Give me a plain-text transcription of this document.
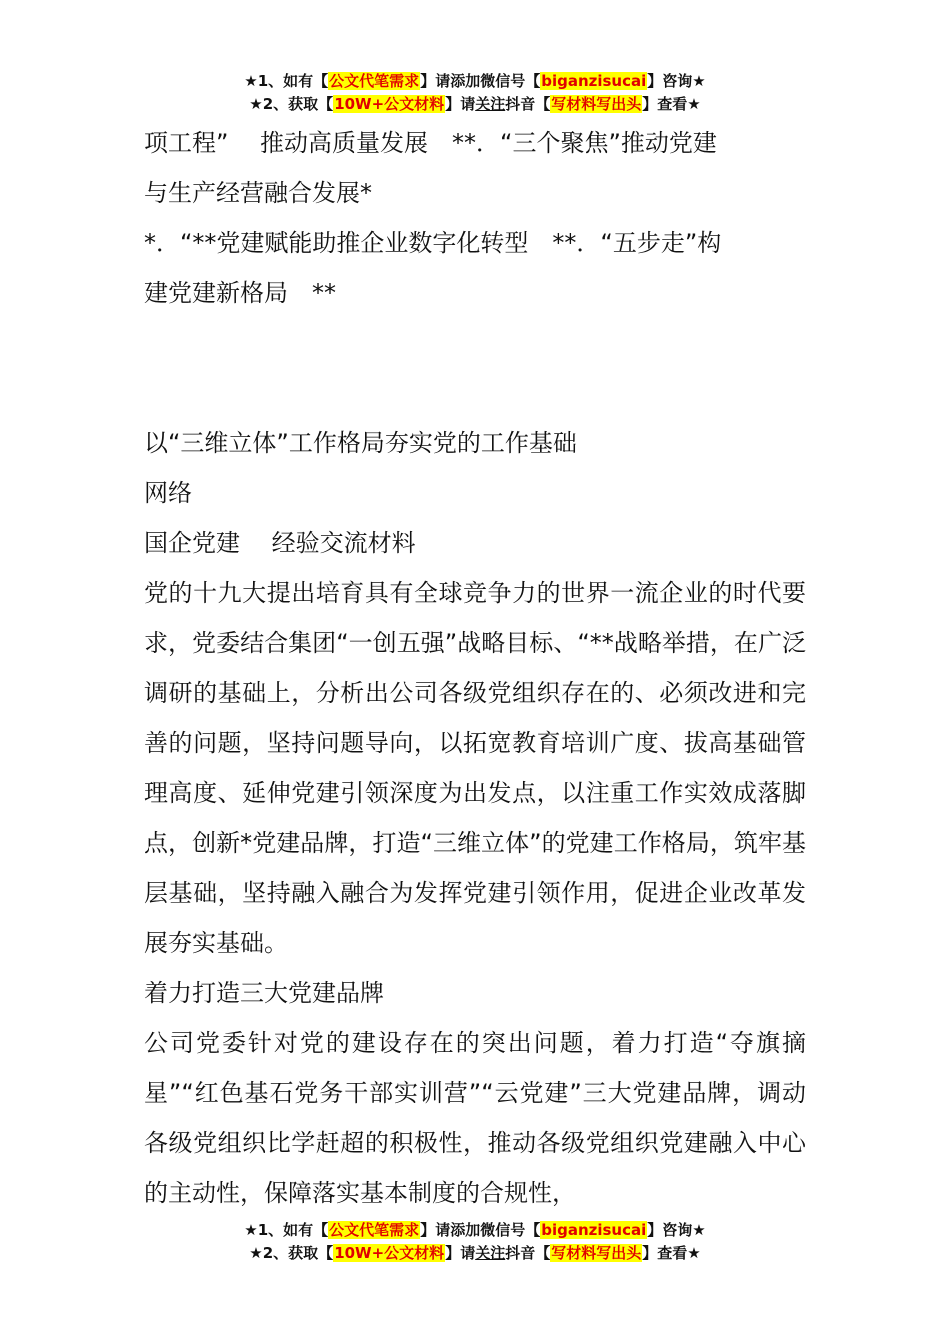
★1、如有【公文代笔需求】请添加微信号【biganzisucai】咨询★
★2、获取【10W+公文材料】请关注抖音【写材料写出头】查看★

项工程”　 推动高质量发展　**．“三个聚焦”推动党建

与生产经营融合发展*

*．“**党建赋能助推企业数字化转型　**．“五步走”构

建党建新格局　**

以“三维立体”工作格局夯实党的工作基础

网络

国企党建　 经验交流材料

党的十九大提出培育具有全球竞争力的世界一流企业的时代要求，党委结合集团“一创五强”战略目标、“**战略举措，在广泛调研的基础上，分析出公司各级党组织存在的、必须改进和完善的问题，坚持问题导向，以拓宽教育培训广度、拔高基础管理高度、延伸党建引领深度为出发点，以注重工作实效成落脚点，创新*党建品牌，打造“三维立体”的党建工作格局，筑牢基层基础，坚持融入融合为发挥党建引领作用，促进企业改革发展夯实基础。

着力打造三大党建品牌

公司党委针对党的建设存在的突出问题，着力打造“夺旗摘星”“红色基石党务干部实训营”“云党建”三大党建品牌，调动各级党组织比学赶超的积极性，推动各级党组织党建融入中心的主动性，保障落实基本制度的合规性，

★1、如有【公文代笔需求】请添加微信号【biganzisucai】咨询★
★2、获取【10W+公文材料】请关注抖音【写材料写出头】查看★
